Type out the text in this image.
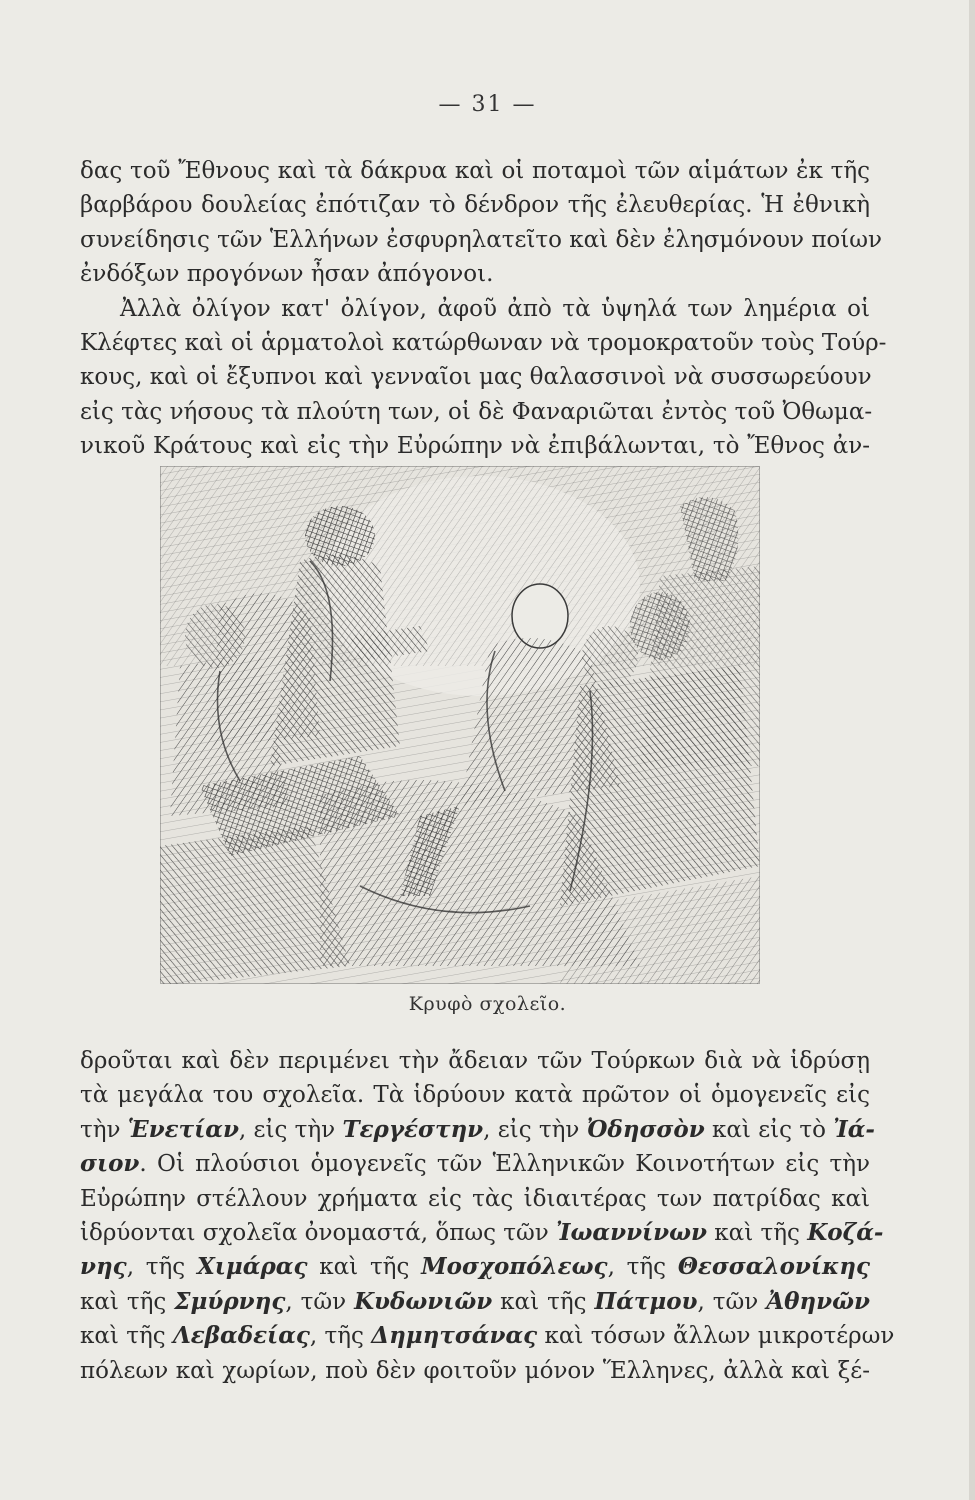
— 31 —
δας τοῦ Ἔθνους καὶ τὰ δάκρυα καὶ οἱ ποταμοὶ τῶν αἱμάτων ἐκ τῆς
βαρβάρου δουλείας ἐπότιζαν τὸ δένδρον τῆς ἐλευθερίας. Ἡ ἐθνικὴ
συνείδησις τῶν Ἑλλήνων ἐσφυρηλατεῖτο καὶ δὲν ἐλησμόνουν ποίων
ἐνδόξων προγόνων ἦσαν ἀπόγονοι.
Ἀλλὰ ὀλίγον κατ' ὀλίγον, ἀφοῦ ἀπὸ τὰ ὑψηλά των λημέρια οἱ
Κλέφτες καὶ οἱ ἁρματολοὶ κατώρθωναν νὰ τρομοκρατοῦν τοὺς Τούρ-
κους, καὶ οἱ ἔξυπνοι καὶ γενναῖοι μας θαλασσινοὶ νὰ συσσωρεύουν
εἰς τὰς νήσους τὰ πλούτη των, οἱ δὲ Φαναριῶται ἐντὸς τοῦ Ὀθωμα-
νικοῦ Κράτους καὶ εἰς τὴν Εὐρώπην νὰ ἐπιβάλωνται, τὸ Ἔθνος ἀν-
Κρυφὸ σχολεῖο.
δροῦται καὶ δὲν περιμένει τὴν ἄδειαν τῶν Τούρκων διὰ νὰ ἱδρύσῃ
τὰ μεγάλα του σχολεῖα. Τὰ ἱδρύουν κατὰ πρῶτον οἱ ὁμογενεῖς εἰς
τὴν Ἑνετίαν, εἰς τὴν Τεργέστην, εἰς τὴν Ὀδησσὸν καὶ εἰς τὸ Ἰά-
σιον. Οἱ πλούσιοι ὁμογενεῖς τῶν Ἑλληνικῶν Κοινοτήτων εἰς τὴν
Εὐρώπην στέλλουν χρήματα εἰς τὰς ἰδιαιτέρας των πατρίδας καὶ
ἱδρύονται σχολεῖα ὀνομαστά, ὅπως τῶν Ἰωαννίνων καὶ τῆς Κοζά-
νης, τῆς Χιμάρας καὶ τῆς Μοσχοπόλεως, τῆς Θεσσαλονίκης
καὶ τῆς Σμύρνης, τῶν Κυδωνιῶν καὶ τῆς Πάτμου, τῶν Ἀθηνῶν
καὶ τῆς Λεβαδείας, τῆς Δημητσάνας καὶ τόσων ἄλλων μικροτέρων
πόλεων καὶ χωρίων, ποὺ δὲν φοιτοῦν μόνον Ἕλληνες, ἀλλὰ καὶ ξέ-
